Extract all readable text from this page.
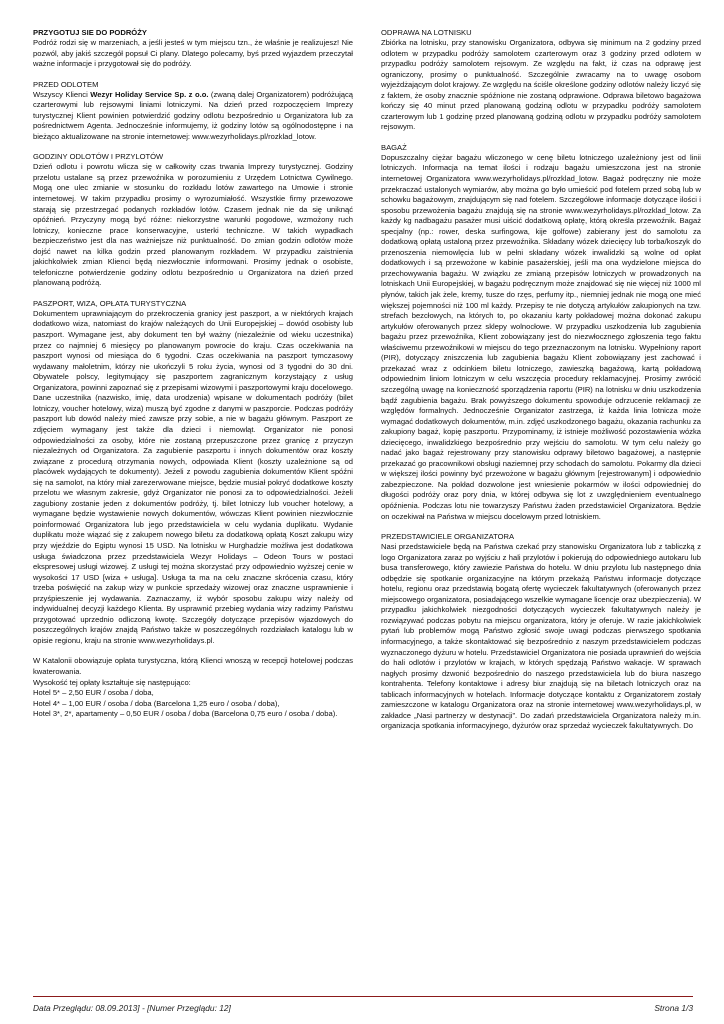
PRZYGOTUJ SIE DO PODRÓŻY

Podróż rodzi się w marzeniach, a jeśli jesteś w tym miejscu tzn., że właśnie je realizujesz! Nie pozwól, aby jakiś szczegół popsuł Ci plany. Dlatego polecamy, byś przed wyjazdem przeczytał ważne informacje i przygotował się do podróży.

PRZED ODLOTEM

Wszyscy Klienci Wezyr Holiday Service Sp. z o.o. (zwaną dalej Organizatorem) podróżującą czarterowymi lub rejsowymi liniami lotniczymi. Na dzień przed rozpoczęciem Imprezy turystycznej Klient powinien potwierdzić godziny odlotu bezpośrednio u Organizatora lub za pośrednictwem Agenta. Jednocześnie informujemy, iż godziny lotów są ogólnodostępne i na bieżąco aktualizowane na stronie internetowej: www.wezyrholidays.pl/rozklad_lotow.

GODZINY ODLOTÓW I PRZYLOTÓW

Dzień odlotu i powrotu wlicza się w całkowity czas trwania Imprezy turystycznej. Godziny przelotu ustalane są przez przewoźnika w porozumieniu z Urzędem Lotnictwa Cywilnego. Mogą one ulec zmianie w stosunku do rozkładu lotów zawartego na Umowie i stronie internetowej. W takim przypadku prosimy o wyrozumiałość. Wszystkie firmy przewozowe starają się przestrzegać podanych rozkładów lotów. Czasem jednak nie da się uniknąć opóźnień. Przyczyny mogą być różne: niekorzystne warunki pogodowe, wzmożony ruch lotniczy, konieczne prace konserwacyjne, usterki techniczne. W takich wypadkach bezpieczeństwo jest dla nas ważniejsze niż punktualność. Do zmian godzin odlotów może dojść nawet na kilka godzin przed planowanym rozkładem. W przypadku zaistnienia jakichkolwiek zmian Klienci będą niezwłocznie informowani. Prosimy jednak o osobiste, telefoniczne potwierdzenie godziny odlotu bezpośrednio u Organizatora na dzień przed planowaną podróżą.

PASZPORT, WIZA, OPŁATA TURYSTYCZNA

Dokumentem uprawniającym do przekroczenia granicy jest paszport, a w niektórych krajach dodatkowo wiza, natomiast do krajów należących do Unii Europejskiej – dowód osobisty lub paszport. Wymagane jest, aby dokument ten był ważny (niezależnie od wieku uczestnika) przez co najmniej 6 miesięcy po planowanym powrocie do kraju. Czas oczekiwania na paszport wynosi od miesiąca do 6 tygodni. Czas oczekiwania na paszport tymczasowy wydawany małoletnim, którzy nie ukończyli 5 roku życia, wynosi od 3 tygodni do 30 dni. Obywatele polscy, legitymujący się paszportem zagranicznym korzystający z usług Organizatora, powinni zapoznać się z przepisami wizowymi i paszportowymi kraju docelowego. Dane uczestnika (nazwisko, imię, data urodzenia) wpisane w dokumentach podróży (bilet lotniczy, voucher hotelowy, wiza) muszą być zgodne z danymi w paszporcie. Podczas podróży paszport lub dowód należy mieć zawsze przy sobie, a nie w bagażu głównym. Paszport ze zdjęciem wymagany jest także dla dzieci i niemowląt. Organizator nie ponosi odpowiedzialności za osoby, które nie zostaną przepuszczone przez granicę z przyczyn niezależnych od Organizatora. Za zagubienie paszportu i innych dokumentów oraz koszty związane z procedurą otrzymania nowych, odpowiada Klient (koszty uzależnione są od placówek wydających te dokumenty). Jeżeli z powodu zagubienia dokumentów Klient spóźni się na samolot, na który miał zarezerwowane miejsce, będzie musiał pokryć dodatkowe koszty przelotu we własnym zakresie, gdyż Organizator nie ponosi za to odpowiedzialności. Jeżeli zagubiony zostanie jeden z dokumentów podróży, tj. bilet lotniczy lub voucher hotelowy, a wymagane będzie wystawienie nowych dokumentów, wówczas Klient powinien niezwłocznie poinformować Organizatora lub jego przedstawiciela w celu wydania duplikatu. Wydanie duplikatu może wiązać się z zakupem nowego biletu za dodatkową opłatą Koszt zakupu wizy przy wjeździe do Egiptu wynosi 15 USD. Na lotnisku w Hurghadzie możliwa jest dodatkowa usługa świadczona przez przedstawiciela Wezyr Holidays – Odeon Tours w postaci ekspresowej usługi wizowej. Z usługi tej można skorzystać przy odpowiednio wyższej cenie w wysokości 17 USD [wiza + usługa]. Usługa ta ma na celu znaczne skrócenia czasu, który trzeba poświęcić na zakup wizy w punkcie sprzedaży wizowej oraz znaczne usprawnienie i przyśpieszenie jej wydawania. Zaznaczamy, iż wybór sposobu zakupu wizy należy od indywidualnej decyzji każdego Klienta. By usprawnić przebieg wydania wizy radzimy Państwu przygotować uprzednio odliczoną kwotę. Szczegóły dotyczące przepisów wjazdowych do poszczególnych krajów znajdą Państwo także w poszczególnych rozdziałach katalogu lub w opisie regionu, kraju na stronie www.wezyrholidays.pl.

W Katalonii obowiązuje opłata turystyczna, którą Klienci wnoszą w recepcji hotelowej podczas kwaterowania.

Wysokość tej opłaty kształtuje się następująco:

Hotel 5* – 2,50 EUR / osoba / doba,

Hotel 4* – 1,00 EUR / osoba / doba (Barcelona 1,25 euro / osoba / doba),

Hotel 3*, 2*, apartamenty – 0,50 EUR / osoba / doba (Barcelona 0,75 euro / osoba / doba).

ODPRAWA NA LOTNISKU

Zbiórka na lotnisku, przy stanowisku Organizatora, odbywa się minimum na 2 godziny przed odlotem w przypadku podróży samolotem czarterowym oraz 3 godziny przed odlotem w przypadku podróży samolotem rejsowym. Ze względu na fakt, iż czas na odprawę jest ograniczony, prosimy o punktualność. Szczególnie zwracamy na to uwagę osobom wyjeżdżającym dolot krajowy. Ze względu na ściśle określone godziny odlotów należy liczyć się z faktem, że osoby znacznie spóźnione nie zostaną odprawione. Odprawa biletowo bagażowa kończy się 40 minut przed planowaną godziną odlotu w przypadku podróży samolotem czarterowym lub 1 godzinę przed planowaną godziną odlotu w przypadku podróży samolotem rejsowym.

BAGAŻ

Dopuszczalny ciężar bagażu wliczonego w cenę biletu lotniczego uzależniony jest od linii lotniczych. Informacja na temat ilości i rodzaju bagażu umieszczona jest na stronie internetowej Organizatora www.wezyrholidays.pl/rozklad_lotow. Bagaż podręczny nie może przekraczać ustalonych wymiarów, aby można go było umieścić pod fotelem przed sobą lub w schowku bagażowym, znajdującym się nad fotelem. Szczegółowe informacje dotyczące ilości i sposobu przewożenia bagażu znajdują się na stronie www.wezyrholidays.pl/rozklad_lotow. Za każdy kg nadbagażu pasażer musi uiścić dodatkową opłatę, którą określa przewoźnik. Bagaż specjalny (np.: rower, deska surfingowa, kije golfowe) zabierany jest do samolotu za dodatkową opłatą ustaloną przez przewoźnika. Składany wózek dziecięcy lub torba/koszyk do przenoszenia niemowlęcia lub w pełni składany wózek inwalidzki są wolne od opłat dodatkowych i są przewożone w kabinie pasażerskiej, jeśli ma ona wydzielone miejsca do przechowywania bagażu. W związku ze zmianą przepisów lotniczych w prowadzonych na lotniskach Unii Europejskiej, w bagażu podręcznym może znajdować się nie więcej niż 1000 ml płynów, takich jak żele, kremy, tusze do rzęs, perfumy itp., niemniej jednak nie mogą one mieć większej pojemności niż 100 ml każdy. Przepisy te nie dotyczą artykułów zakupionych na tzw. strefach bezcłowych, na których to, po okazaniu karty pokładowej można dokonać zakupu artykułów oferowanych przez sklepy wolnocłowe. W przypadku uszkodzenia lub zagubienia bagażu przez przewoźnika, Klient zobowiązany jest do niezwłocznego zgłoszenia tego faktu właściwemu przewoźnikowi w miejscu do tego przeznaczonym na lotnisku. Wypełniony raport (PIR), dotyczący zniszczenia lub zagubienia bagażu Klient zobowiązany jest zachować i przekazać wraz z odcinkiem biletu lotniczego, zawieszką bagażową, kartą pokładową odpowiednim liniom lotniczym w celu wszczęcia procedury reklamacyjnej. Prosimy zwrócić szczególną uwagę na konieczność sporządzenia raportu (PIR) na lotnisku w dniu uszkodzenia bądź zagubienia bagażu. Brak powyższego dokumentu spowoduje odrzucenie reklamacji ze względów formalnych. Jednocześnie Organizator zastrzega, iż każda linia lotnicza może wymagać dodatkowych dokumentów, m.in. zdjęć uszkodzonego bagażu, okazania rachunku za zakupiony bagaż, kopię paszportu. Przypominamy, iż istnieje możliwość pozostawienia wózka dziecięcego, inwalidzkiego bezpośrednio przy wejściu do samolotu. W tym celu należy go nadać jako bagaż rejestrowany przy stanowisku odprawy biletowo bagażowej, a następnie przekazać go pracownikowi obsługi naziemnej przy schodach do samolotu. Pokarmy dla dzieci w większej ilości powinny być przewożone w bagażu głównym [rejestrowanym] i odpowiednio zabezpieczone. Na pokład dozwolone jest wniesienie pokarmów w ilości odpowiedniej do długości podróży oraz pory dnia, w której odbywa się lot z uwzględnieniem eventualnego opóźnienia. Podczas lotu nie towarzyszy Państwu żaden przedstawiciel Organizatora. Będzie on oczekiwał na Państwa w miejscu docelowym przed lotniskiem.

PRZEDSTAWICIELE ORGANIZATORA

Nasi przedstawiciele będą na Państwa czekać przy stanowisku Organizatora lub z tabliczką z logo Organizatora zaraz po wyjściu z hali przylotów i pokierują do odpowiedniego autokaru lub busa transferowego, który zawiezie Państwa do hotelu. W dniu przylotu lub następnego dnia odbędzie się spotkanie organizacyjne na którym przekażą Państwu informacje dotyczące hotelu, regionu oraz przedstawią bogatą ofertę wycieczek fakultatywnych (oferowanych przez miejscowego organizatora, posiadającego wszelkie wymagane licencje oraz ubezpieczenia). W przypadku jakichkolwiek niezgodności dotyczących wycieczek fakultatywnych należy je rozwiązywać podczas pobytu na miejscu organizatora, który je oferuje. W razie jakichkolwiek pytań lub problemów mogą Państwo zgłosić swoje uwagi podczas pierwszego spotkania informacyjnego, a także skontaktować się bezpośrednio z naszym przedstawicielem podczas wyznaczonego dyżuru w hotelu. Przedstawiciel Organizatora nie posiada uprawnień do wejścia do hali odlotów i przylotów w krajach, w których spędzają Państwo wakacje. W sprawach nagłych prosimy dzwonić bezpośrednio do naszego przedstawiciela lub do biura naszego kontrahenta. Telefony kontaktowe i adresy biur znajdują się na biletach lotniczych oraz na tablicach informacyjnych w hotelach. Informacje dotyczące kontaktu z Organizatorem zostały zamieszczone w katalogu Organizatora oraz na stronie internetowej www.wezyrholidays.pl, w zakładce „Nasi partnerzy w destynacji”. Do zadań przedstawiciela Organizatora należy m.in. organizacja spotkania informacyjnego, dyżurów oraz sprzedaż wycieczek fakultatywnych. Do

Data Przeglądu: 08.09.2013] - [Numer Przeglądu: 12]	Strona 1/3
